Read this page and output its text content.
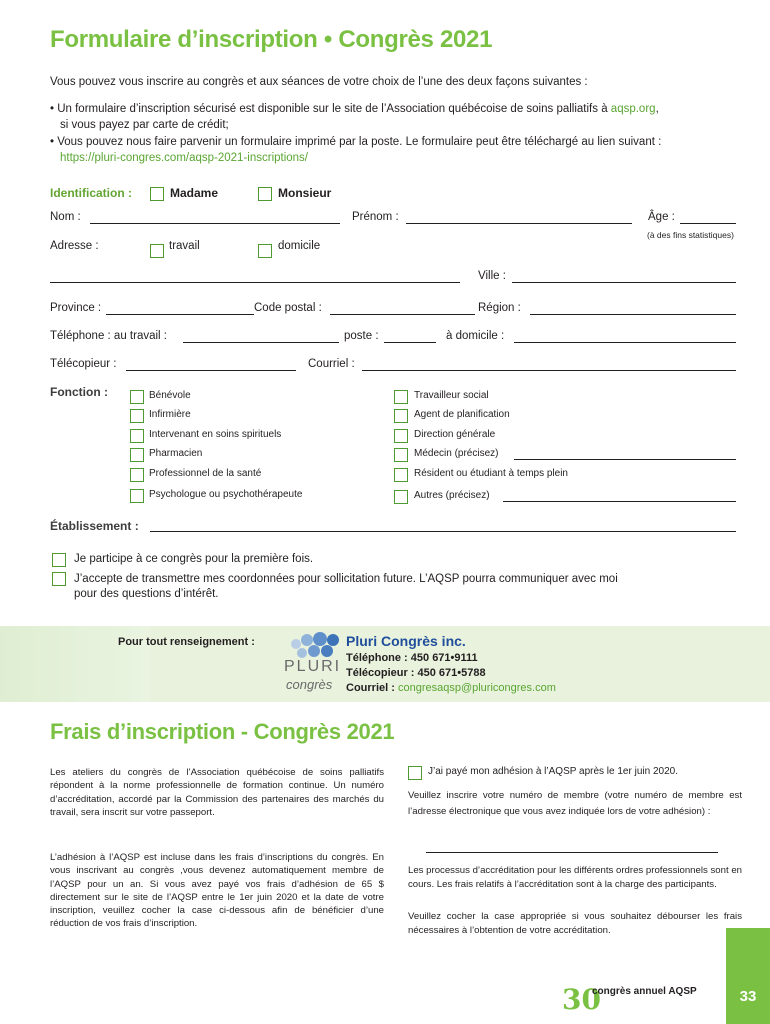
Formulaire d’inscription • Congrès 2021
Vous pouvez vous inscrire au congrès et aux séances de votre choix de l’une des deux façons suivantes :
• Un formulaire d’inscription sécurisé est disponible sur le site de l’Association québécoise de soins palliatifs à aqsp.org,
si vous payez par carte de crédit;
• Vous pouvez nous faire parvenir un formulaire imprimé par la poste. Le formulaire peut être téléchargé au lien suivant :
https://pluri-congres.com/aqsp-2021-inscriptions/
Identification :	Madame	Monsieur
Nom :	Prénom :	Âge :
(à des fins statistiques)
Adresse :	travail	domicile
Ville :
Province :	Code postal :	Région :
Téléphone : au travail :	poste :	à domicile :
Télécopieur :	Courriel :
Fonction :	Bénévole
Infirmière
Intervenant en soins spirituels
Pharmacien
Professionnel de la santé
Psychologue ou psychothérapeute
Travailleur social
Agent de planification
Direction générale
Médecin (précisez)
Résident ou étudiant à temps plein
Autres (précisez)
Établissement :
Je participe à ce congrès pour la première fois.
J’accepte de transmettre mes coordonnées pour sollicitation future. L’AQSP pourra communiquer avec moi
pour des questions d’intérêt.
Pour tout renseignement :
PLURI
congrès
Pluri Congrès inc.
Téléphone : 450 671•9111
Télécopieur : 450 671•5788
Courriel : congresaqsp@pluricongres.com
Frais d’inscription - Congrès 2021
Les ateliers du congrès de l’Association québécoise de soins palliatifs répondent à la norme professionnelle de formation continue. Un numéro d’accréditation, accordé par la Commission des partenaires des marchés du travail, sera inscrit sur votre passeport.
L’adhésion à l’AQSP est incluse dans les frais d’inscriptions du congrès. En vous inscrivant au congrès ,vous devenez automatiquement membre de l’AQSP pour un an. Si vous avez payé vos frais d’adhésion de 65 $ directement sur le site de l’AQSP entre le 1er juin 2020 et la date de votre inscription, veuillez cocher la case ci-dessous afin de bénéficier d’une réduction de vos frais d’inscription.
J’ai payé mon adhésion à l’AQSP après le 1er juin 2020.
Veuillez inscrire votre numéro de membre (votre numéro de membre est l’adresse électronique que vous avez indiquée lors de votre adhésion) :
Les processus d’accréditation pour les différents ordres professionnels sont en cours. Les frais relatifs à l’accréditation sont à la charge des participants.
Veuillez cocher la case appropriée si vous souhaitez débourser les frais nécessaires à l’obtention de votre accréditation.
30
congrès annuel AQSP	33
